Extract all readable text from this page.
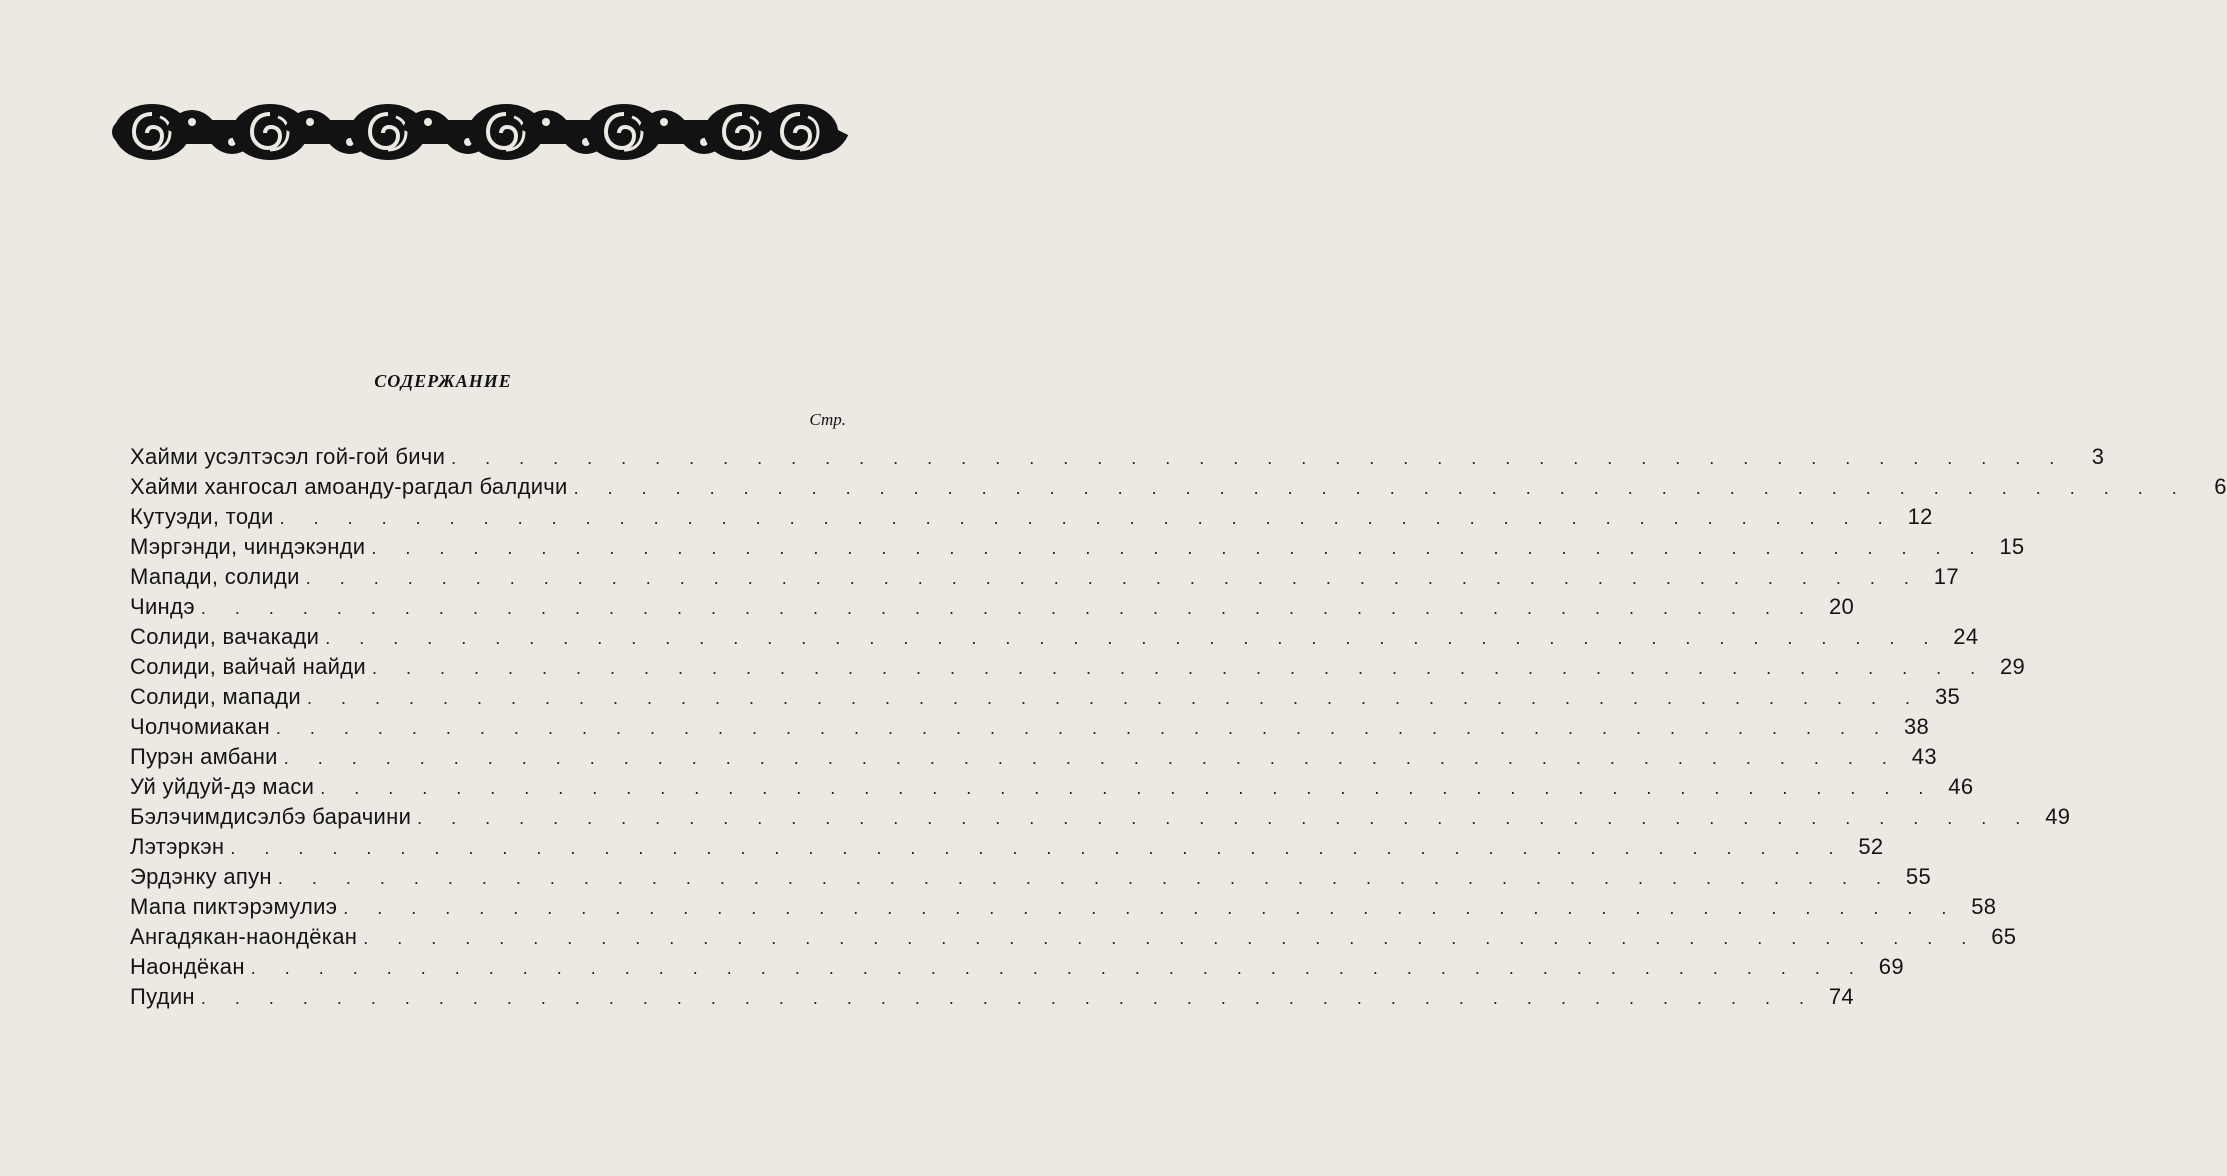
СОДЕРЖАНИЕ
Стр.
Хайми усэлтэсэл гой-гой бичи . . . . . . . . . . . . . . . . . . . . . . . . . . . . . . . . . . . . . . . . . . . . . . . .	3
Хайми хангосал амоанду-рагдал балдичи . . . . . . . . . . . . . . . . . . . . . . . . . . . . . . . . . . . . . . . . . . . . . . . .	6
Кутуэди, тоди . . . . . . . . . . . . . . . . . . . . . . . . . . . . . . . . . . . . . . . . . . . . . . . . 12
Мэргэнди, чиндэкэнди . . . . . . . . . . . . . . . . . . . . . . . . . . . . . . . . . . . . . . . . . . . . . . . . 15
Мапади, солиди . . . . . . . . . . . . . . . . . . . . . . . . . . . . . . . . . . . . . . . . . . . . . . . . 17
Чиндэ . . . . . . . . . . . . . . . . . . . . . . . . . . . . . . . . . . . . . . . . . . . . . . . . 20
Солиди, вачакади . . . . . . . . . . . . . . . . . . . . . . . . . . . . . . . . . . . . . . . . . . . . . . . . 24
Солиди, вайчай найди . . . . . . . . . . . . . . . . . . . . . . . . . . . . . . . . . . . . . . . . . . . . . . . . 29
Солиди, мапади . . . . . . . . . . . . . . . . . . . . . . . . . . . . . . . . . . . . . . . . . . . . . . . . 35
Чолчомиакан . . . . . . . . . . . . . . . . . . . . . . . . . . . . . . . . . . . . . . . . . . . . . . . . 38
Пурэн амбани . . . . . . . . . . . . . . . . . . . . . . . . . . . . . . . . . . . . . . . . . . . . . . . . 43
Уй уйдуй-дэ маси . . . . . . . . . . . . . . . . . . . . . . . . . . . . . . . . . . . . . . . . . . . . . . . . 46
Бэлэчимдисэлбэ барачини . . . . . . . . . . . . . . . . . . . . . . . . . . . . . . . . . . . . . . . . . . . . . . . . 49
Лэтэркэн . . . . . . . . . . . . . . . . . . . . . . . . . . . . . . . . . . . . . . . . . . . . . . . . 52
Эрдэнку апун . . . . . . . . . . . . . . . . . . . . . . . . . . . . . . . . . . . . . . . . . . . . . . . . 55
Мапа пиктэрэмулиэ . . . . . . . . . . . . . . . . . . . . . . . . . . . . . . . . . . . . . . . . . . . . . . . . 58
Ангадякан-наондёкан . . . . . . . . . . . . . . . . . . . . . . . . . . . . . . . . . . . . . . . . . . . . . . . . 65
Наондёкан . . . . . . . . . . . . . . . . . . . . . . . . . . . . . . . . . . . . . . . . . . . . . . . . 69
Пудин . . . . . . . . . . . . . . . . . . . . . . . . . . . . . . . . . . . . . . . . . . . . . . . . 74
